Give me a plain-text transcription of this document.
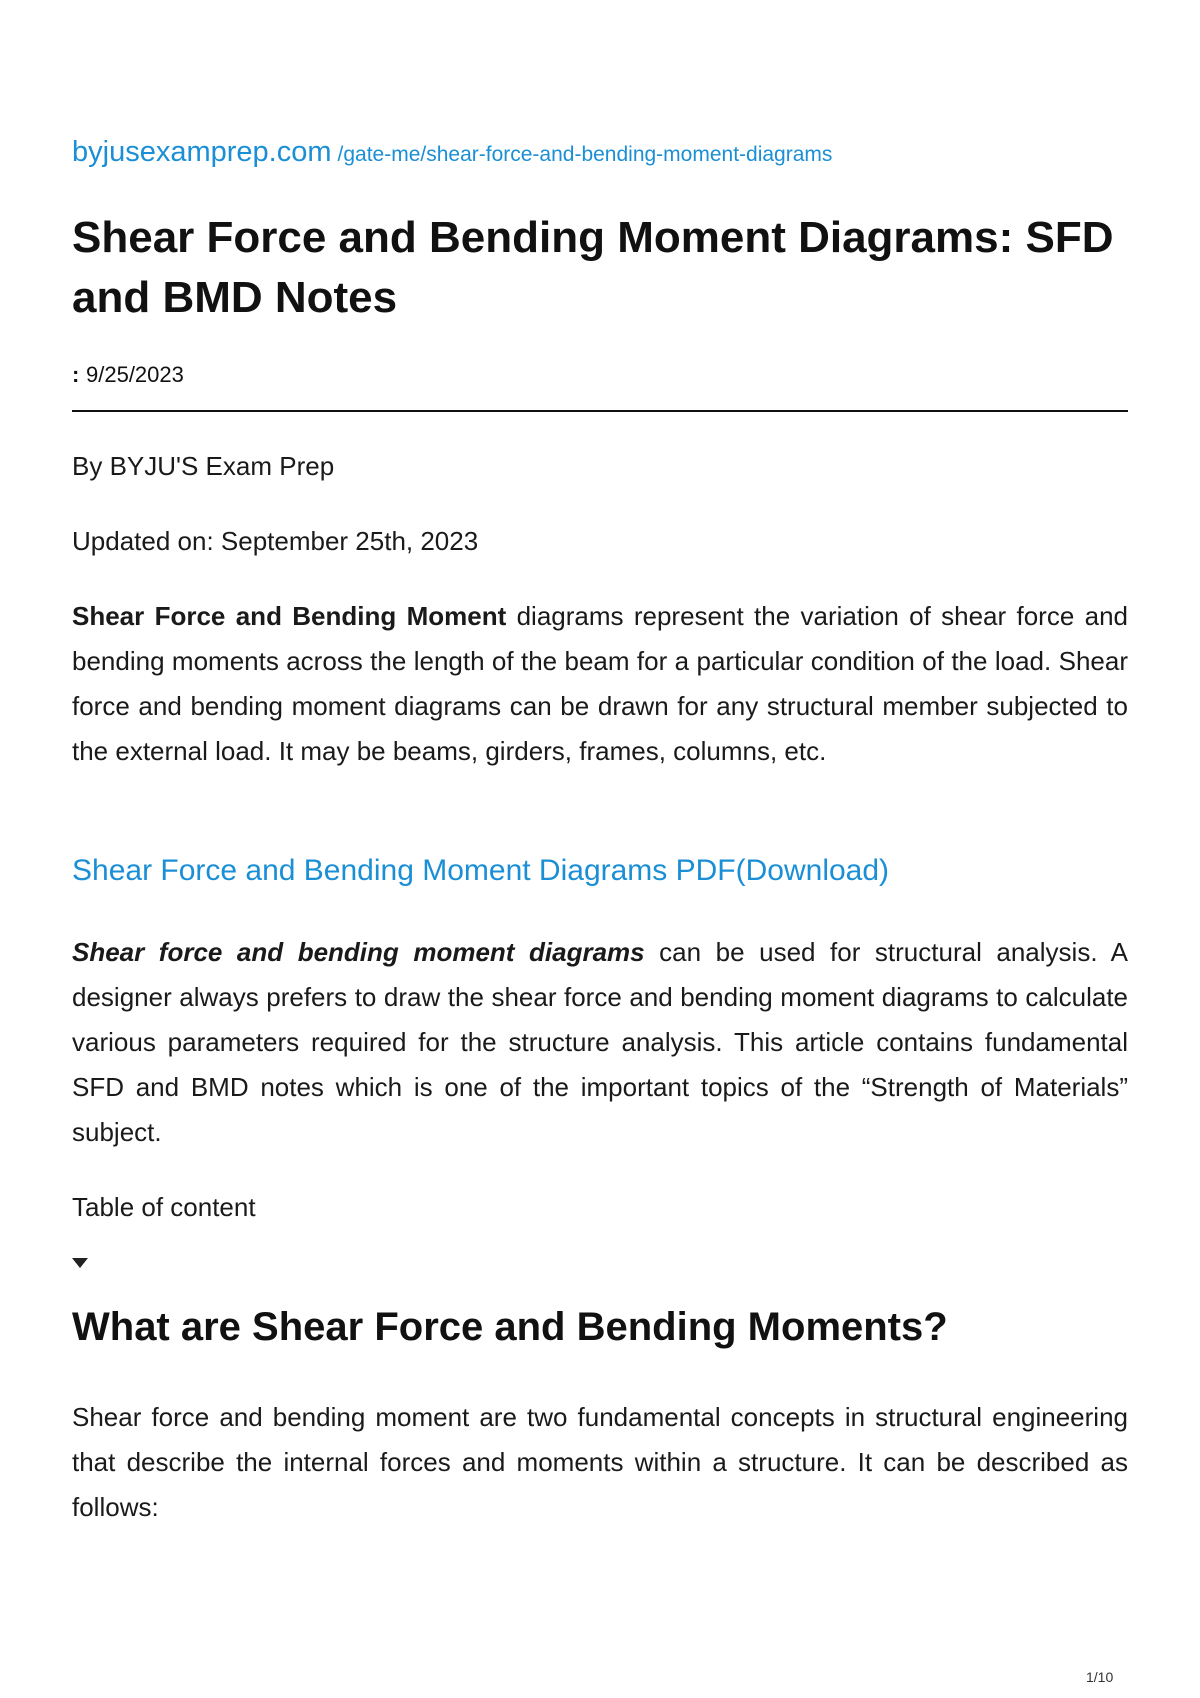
byjusexamprep.com /gate-me/shear-force-and-bending-moment-diagrams
Shear Force and Bending Moment Diagrams: SFD and BMD Notes
: 9/25/2023

By BYJU'S Exam Prep

Updated on: September 25th, 2023

Shear Force and Bending Moment diagrams represent the variation of shear force and bending moments across the length of the beam for a particular condition of the load. Shear force and bending moment diagrams can be drawn for any structural member subjected to the external load. It may be beams, girders, frames, columns, etc.

Shear Force and Bending Moment Diagrams PDF(Download)

Shear force and bending moment diagrams can be used for structural analysis. A designer always prefers to draw the shear force and bending moment diagrams to calculate various parameters required for the structure analysis. This article contains fundamental SFD and BMD notes which is one of the important topics of the “Strength of Materials” subject.

Table of content

What are Shear Force and Bending Moments?

Shear force and bending moment are two fundamental concepts in structural engineering that describe the internal forces and moments within a structure. It can be described as follows:

1/10
